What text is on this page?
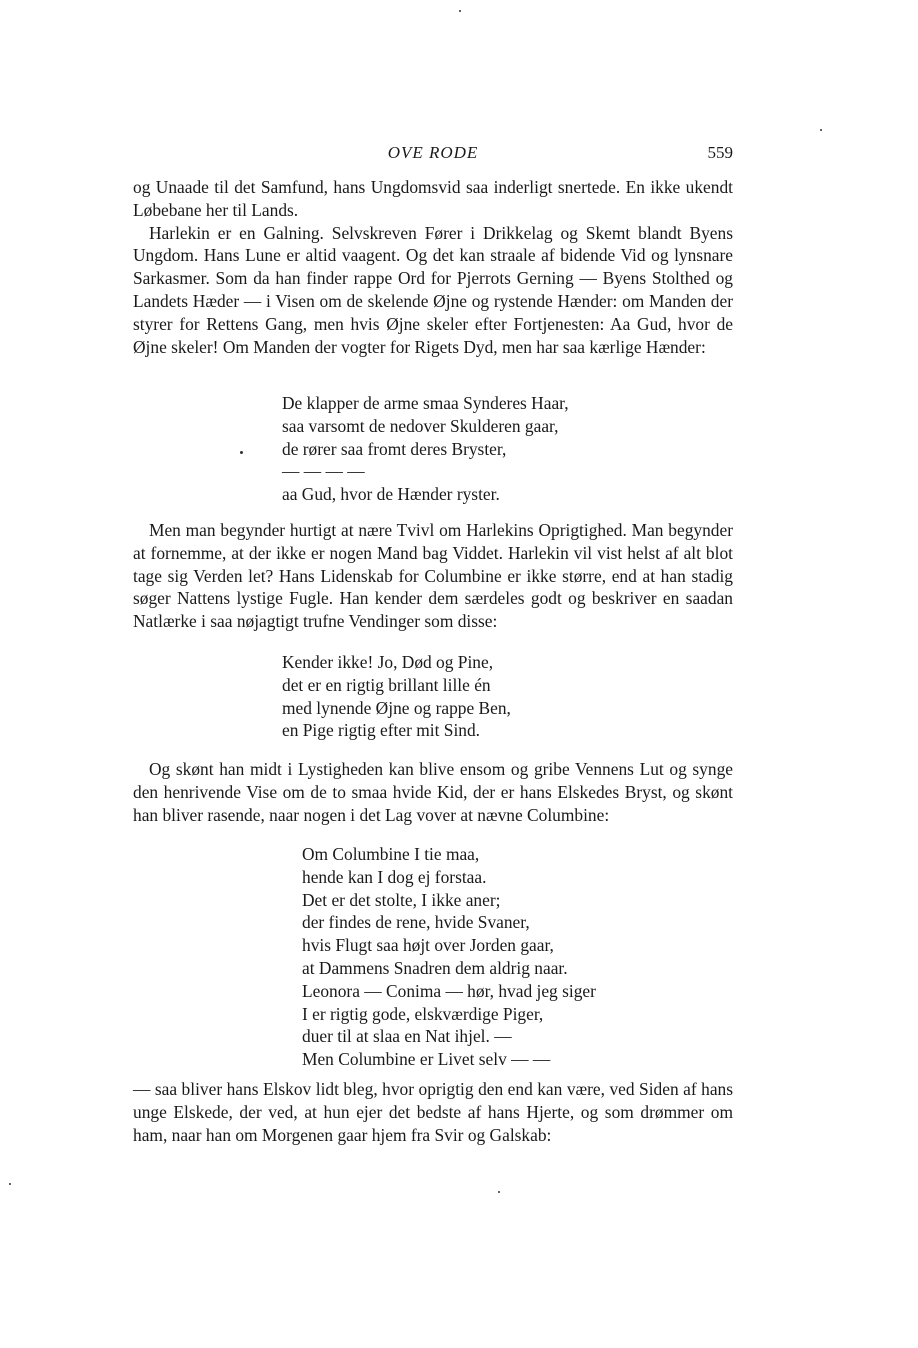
OVE RODE	559

og Unaade til det Samfund, hans Ungdomsvid saa inderligt snertede. En ikke ukendt Løbebane her til Lands.

Harlekin er en Galning. Selvskreven Fører i Drikkelag og Skemt blandt Byens Ungdom. Hans Lune er altid vaagent. Og det kan straale af bidende Vid og lynsnare Sarkasmer. Som da han finder rappe Ord for Pjerrots Gerning — Byens Stolthed og Landets Hæder — i Visen om de skelende Øjne og rystende Hænder: om Manden der styrer for Rettens Gang, men hvis Øjne skeler efter Fortjenesten: Aa Gud, hvor de Øjne skeler! Om Manden der vogter for Rigets Dyd, men har saa kærlige Hænder:

De klapper de arme smaa Synderes Haar,
saa varsomt de nedover Skulderen gaar,
de rører saa fromt deres Bryster,
— — — —
aa Gud, hvor de Hænder ryster.

Men man begynder hurtigt at nære Tvivl om Harlekins Oprigtighed. Man begynder at fornemme, at der ikke er nogen Mand bag Viddet. Harlekin vil vist helst af alt blot tage sig Verden let? Hans Lidenskab for Columbine er ikke større, end at han stadig søger Nattens lystige Fugle. Han kender dem særdeles godt og beskriver en saadan Natlærke i saa nøjagtigt trufne Vendinger som disse:

Kender ikke! Jo, Død og Pine,
det er en rigtig brillant lille én
med lynende Øjne og rappe Ben,
en Pige rigtig efter mit Sind.

Og skønt han midt i Lystigheden kan blive ensom og gribe Vennens Lut og synge den henrivende Vise om de to smaa hvide Kid, der er hans Elskedes Bryst, og skønt han bliver rasende, naar nogen i det Lag vover at nævne Columbine:

Om Columbine I tie maa,
hende kan I dog ej forstaa.
Det er det stolte, I ikke aner;
der findes de rene, hvide Svaner,
hvis Flugt saa højt over Jorden gaar,
at Dammens Snadren dem aldrig naar.
Leonora — Conima — hør, hvad jeg siger
I er rigtig gode, elskværdige Piger,
duer til at slaa en Nat ihjel. —
Men Columbine er Livet selv — —

— saa bliver hans Elskov lidt bleg, hvor oprigtig den end kan være, ved Siden af hans unge Elskede, der ved, at hun ejer det bedste af hans Hjerte, og som drømmer om ham, naar han om Morgenen gaar hjem fra Svir og Galskab:
